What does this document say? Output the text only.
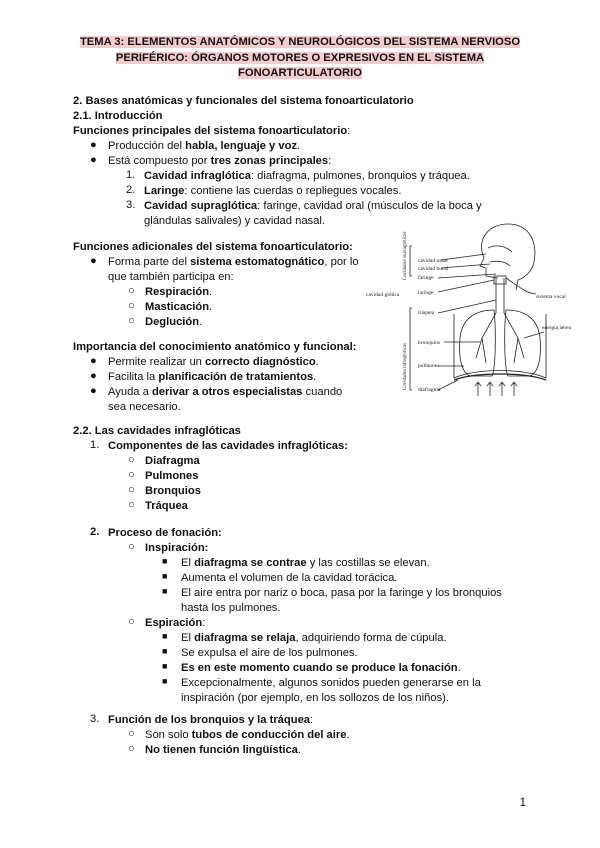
TEMA 3: ELEMENTOS ANATÓMICOS Y NEUROLÓGICOS DEL SISTEMA NERVIOSO
PERIFÉRICO: ÓRGANOS MOTORES O EXPRESIVOS EN EL SISTEMA
FONOARTICULATORIO
2. Bases anatómicas y funcionales del sistema fonoarticulatorio
2.1. Introducción
Funciones principales del sistema fonoarticulatorio:
● Producción del habla, lenguaje y voz.
● Está compuesto por tres zonas principales:
1. Cavidad infraglótica: diafragma, pulmones, bronquios y tráquea.
2. Laringe: contiene las cuerdas o repliegues vocales.
3. Cavidad supraglótica: faringe, cavidad oral (músculos de la boca y
glándulas salivales) y cavidad nasal.
Funciones adicionales del sistema fonoarticulatorio:
● Forma parte del sistema estomatognático, por lo
que también participa en:
○ Respiración.
○ Masticación.
○ Deglución.
Importancia del conocimiento anatómico y funcional:
● Permite realizar un correcto diagnóstico.
● Facilita la planificación de tratamientos.
● Ayuda a derivar a otros especialistas cuando
sea necesario.
2.2. Las cavidades infraglóticas
1. Componentes de las cavidades infraglóticas:
○ Diafragma
○ Pulmones
○ Bronquios
○ Tráquea
2. Proceso de fonación:
○ Inspiración:
■ El diafragma se contrae y las costillas se elevan.
■ Aumenta el volumen de la cavidad torácica.
■ El aire entra por nariz o boca, pasa por la faringe y los bronquios
hasta los pulmones.
○ Espiración:
■ El diafragma se relaja, adquiriendo forma de cúpula.
■ Se expulsa el aire de los pulmones.
■ Es en este momento cuando se produce la fonación.
■ Excepcionalmente, algunos sonidos pueden generarse en la
inspiración (por ejemplo, en los sollozos de los niños).
3. Función de los bronquios y la tráquea:
○ Son solo tubos de conducción del aire.
○ No tienen función lingüística.
cavidad nasal
cavidad bucal
faringe
laringe
cavidad glótica
tráquea
bronquios
pulmones
diafragma
sistema vocal
energía aérea
Cavidades supraglóticas
Cavidades infraglóticas
1
